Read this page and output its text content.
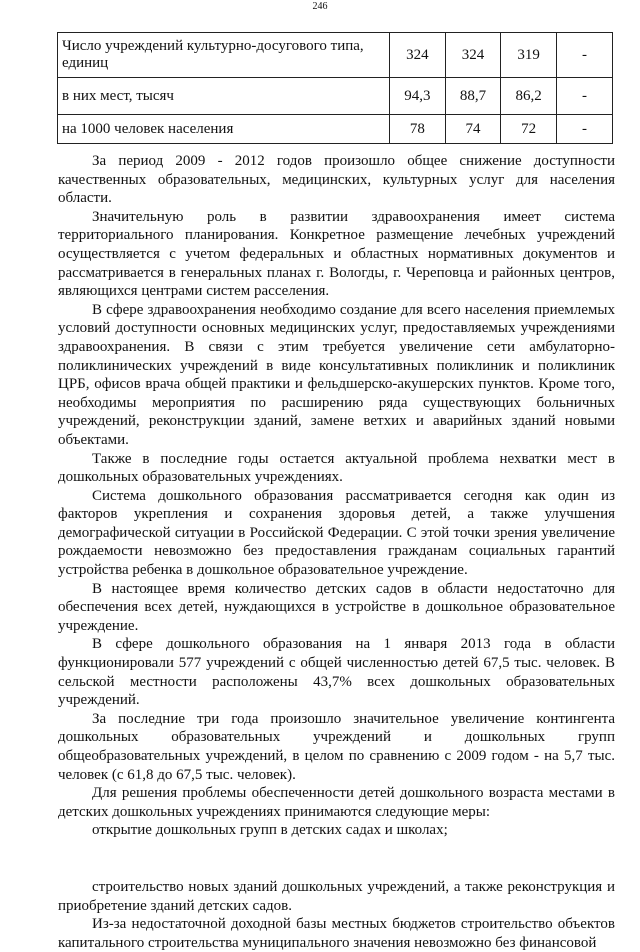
246
Число учреждений культурно-досугового типа, единиц	324	324	319	-
в них мест, тысяч	94,3	88,7	86,2	-
на 1000 человек населения	78	74	72	-

За период 2009 - 2012 годов произошло общее снижение доступности качественных образовательных, медицинских, культурных услуг для населения области.

Значительную роль в развитии здравоохранения имеет система территориального планирования. Конкретное размещение лечебных учреждений осуществляется с учетом федеральных и областных нормативных документов и рассматривается в генеральных планах г. Вологды, г. Череповца и районных центров, являющихся центрами систем расселения.

В сфере здравоохранения необходимо создание для всего населения приемлемых условий доступности основных медицинских услуг, предоставляемых учреждениями здравоохранения. В связи с этим требуется увеличение сети амбулаторно-поликлинических учреждений в виде консультативных поликлиник и поликлиник ЦРБ, офисов врача общей практики и фельдшерско-акушерских пунктов. Кроме того, необходимы мероприятия по расширению ряда существующих больничных учреждений, реконструкции зданий, замене ветхих и аварийных зданий новыми объектами.

Также в последние годы остается актуальной проблема нехватки мест в дошкольных образовательных учреждениях.

Система дошкольного образования рассматривается сегодня как один из факторов укрепления и сохранения здоровья детей, а также улучшения демографической ситуации в Российской Федерации. С этой точки зрения увеличение рождаемости невозможно без предоставления гражданам социальных гарантий устройства ребенка в дошкольное образовательное учреждение.

В настоящее время количество детских садов в области недостаточно для обеспечения всех детей, нуждающихся в устройстве в дошкольное образовательное учреждение.

В сфере дошкольного образования на 1 января 2013 года в области функционировали 577 учреждений с общей численностью детей 67,5 тыс. человек. В сельской местности расположены 43,7% всех дошкольных образовательных учреждений.

За последние три года произошло значительное увеличение контингента дошкольных образовательных учреждений и дошкольных групп общеобразовательных учреждений, в целом по сравнению с 2009 годом - на 5,7 тыс. человек (с 61,8 до 67,5 тыс. человек).

Для решения проблемы обеспеченности детей дошкольного возраста местами в детских дошкольных учреждениях принимаются следующие меры:

открытие дошкольных групп в детских садах и школах;

строительство новых зданий дошкольных учреждений, а также реконструкция и приобретение зданий детских садов.

Из-за недостаточной доходной базы местных бюджетов строительство объектов капитального строительства муниципального значения невозможно без финансовой
